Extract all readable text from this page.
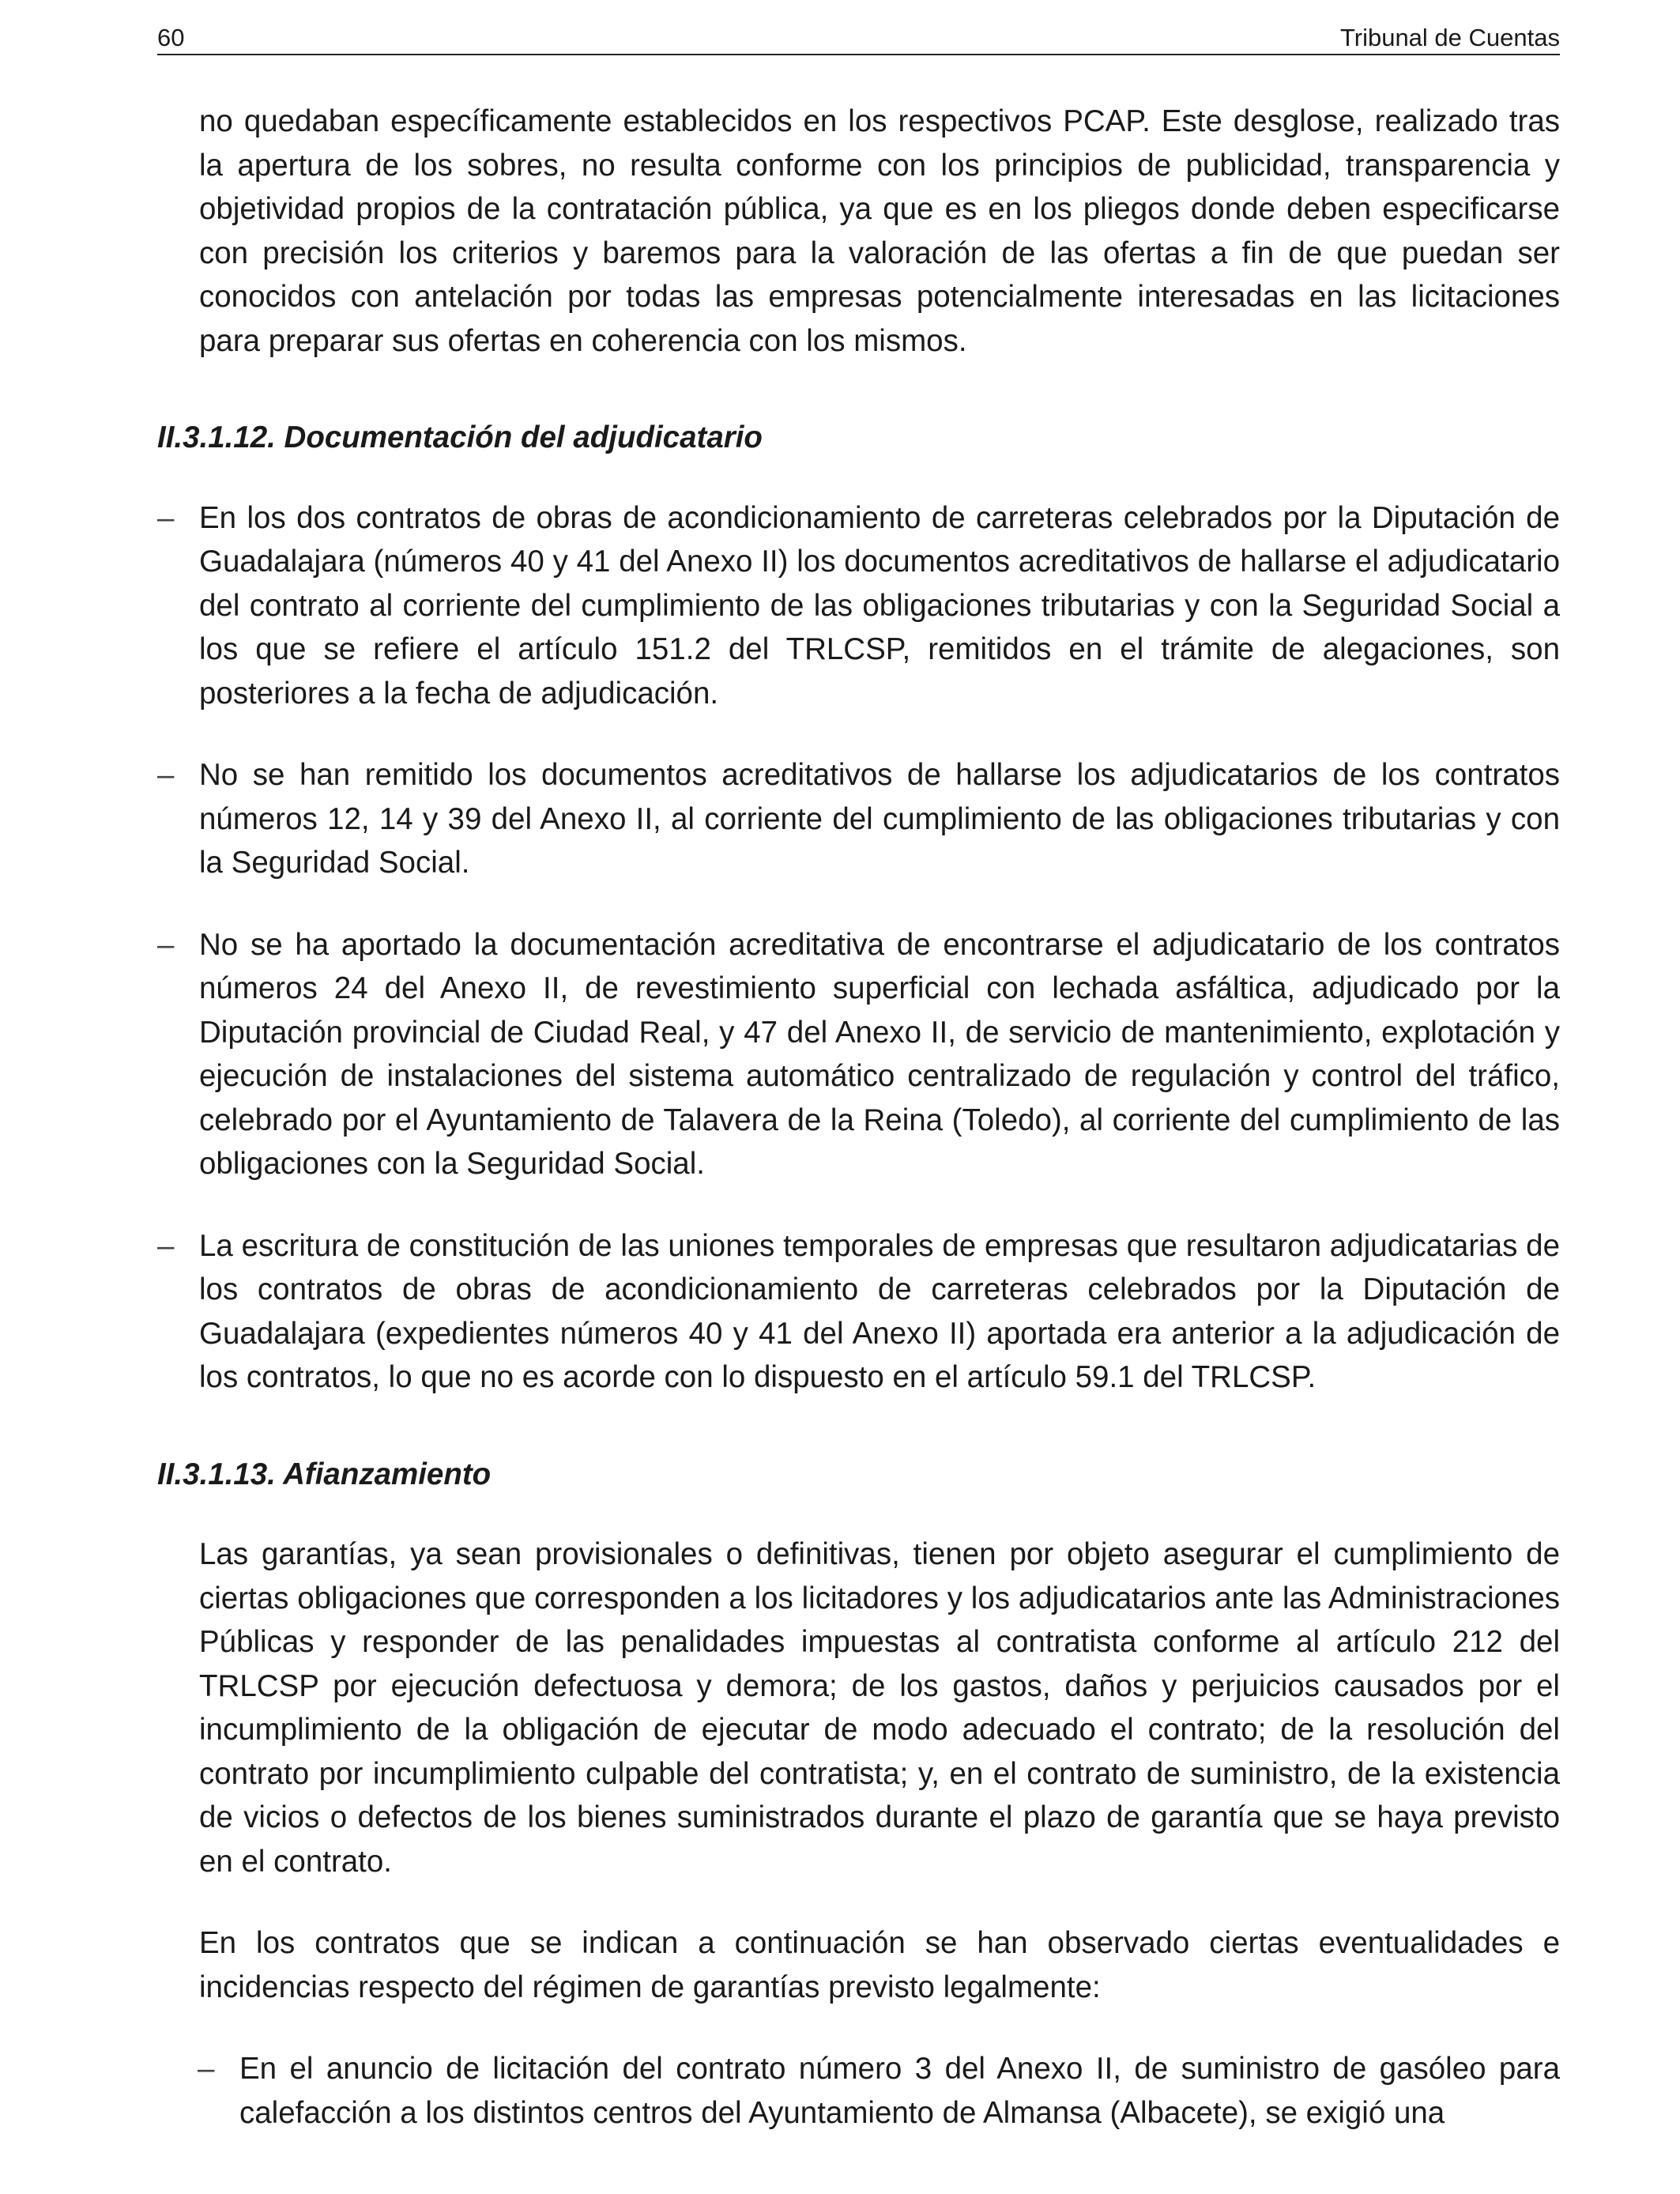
60	Tribunal de Cuentas

no quedaban específicamente establecidos en los respectivos PCAP. Este desglose, realizado tras la apertura de los sobres, no resulta conforme con los principios de publicidad, transparencia y objetividad propios de la contratación pública, ya que es en los pliegos donde deben especificarse con precisión los criterios y baremos para la valoración de las ofertas a fin de que puedan ser conocidos con antelación por todas las empresas potencialmente interesadas en las licitaciones para preparar sus ofertas en coherencia con los mismos.

II.3.1.12. Documentación del adjudicatario
– En los dos contratos de obras de acondicionamiento de carreteras celebrados por la Diputación de Guadalajara (números 40 y 41 del Anexo II) los documentos acreditativos de hallarse el adjudicatario del contrato al corriente del cumplimiento de las obligaciones tributarias y con la Seguridad Social a los que se refiere el artículo 151.2 del TRLCSP, remitidos en el trámite de alegaciones, son posteriores a la fecha de adjudicación.
– No se han remitido los documentos acreditativos de hallarse los adjudicatarios de los contratos números 12, 14 y 39 del Anexo II, al corriente del cumplimiento de las obligaciones tributarias y con la Seguridad Social.
– No se ha aportado la documentación acreditativa de encontrarse el adjudicatario de los contratos números 24 del Anexo II, de revestimiento superficial con lechada asfáltica, adjudicado por la Diputación provincial de Ciudad Real, y 47 del Anexo II, de servicio de mantenimiento, explotación y ejecución de instalaciones del sistema automático centralizado de regulación y control del tráfico, celebrado por el Ayuntamiento de Talavera de la Reina (Toledo), al corriente del cumplimiento de las obligaciones con la Seguridad Social.
– La escritura de constitución de las uniones temporales de empresas que resultaron adjudicatarias de los contratos de obras de acondicionamiento de carreteras celebrados por la Diputación de Guadalajara (expedientes números 40 y 41 del Anexo II) aportada era anterior a la adjudicación de los contratos, lo que no es acorde con lo dispuesto en el artículo 59.1 del TRLCSP.
II.3.1.13. Afianzamiento

Las garantías, ya sean provisionales o definitivas, tienen por objeto asegurar el cumplimiento de ciertas obligaciones que corresponden a los licitadores y los adjudicatarios ante las Administraciones Públicas y responder de las penalidades impuestas al contratista conforme al artículo 212 del TRLCSP por ejecución defectuosa y demora; de los gastos, daños y perjuicios causados por el incumplimiento de la obligación de ejecutar de modo adecuado el contrato; de la resolución del contrato por incumplimiento culpable del contratista; y, en el contrato de suministro, de la existencia de vicios o defectos de los bienes suministrados durante el plazo de garantía que se haya previsto en el contrato.

En los contratos que se indican a continuación se han observado ciertas eventualidades e incidencias respecto del régimen de garantías previsto legalmente:

– En el anuncio de licitación del contrato número 3 del Anexo II, de suministro de gasóleo para calefacción a los distintos centros del Ayuntamiento de Almansa (Albacete), se exigió una
